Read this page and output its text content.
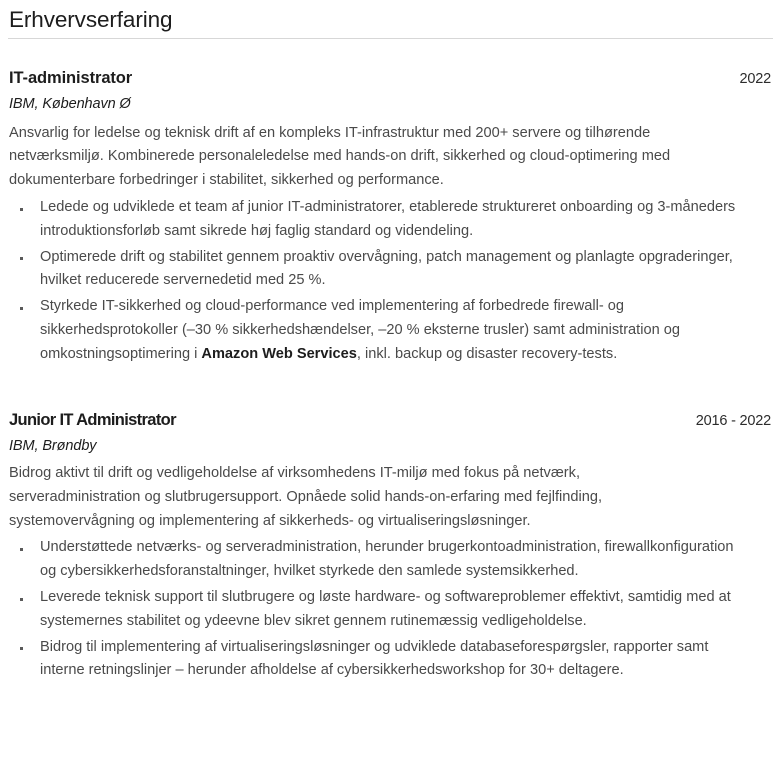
Erhvervserfaring
IT-administrator	2022
IBM, København Ø
Ansvarlig for ledelse og teknisk drift af en kompleks IT-infrastruktur med 200+ servere og tilhørende netværksmiljø. Kombinerede personaleledelse med hands-on drift, sikkerhed og cloud-optimering med dokumenterbare forbedringer i stabilitet, sikkerhed og performance.
Ledede og udviklede et team af junior IT-administratorer, etablerede struktureret onboarding og 3-måneders introduktionsforløb samt sikrede høj faglig standard og videndeling.
Optimerede drift og stabilitet gennem proaktiv overvågning, patch management og planlagte opgraderinger, hvilket reducerede servernedetid med 25 %.
Styrkede IT-sikkerhed og cloud-performance ved implementering af forbedrede firewall- og sikkerhedsprotokoller (–30 % sikkerhedshændelser, –20 % eksterne trusler) samt administration og omkostningsoptimering i Amazon Web Services, inkl. backup og disaster recovery-tests.
Junior IT Administrator	2016 - 2022
IBM, Brøndby
Bidrog aktivt til drift og vedligeholdelse af virksomhedens IT-miljø med fokus på netværk, serveradministration og slutbrugersupport. Opnåede solid hands-on-erfaring med fejlfinding, systemovervågning og implementering af sikkerheds- og virtualiseringsløsninger.
Understøttede netværks- og serveradministration, herunder brugerkontoadministration, firewallkonfiguration og cybersikkerhedsforanstaltninger, hvilket styrkede den samlede systemsikkerhed.
Leverede teknisk support til slutbrugere og løste hardware- og softwareproblemer effektivt, samtidig med at systemernes stabilitet og ydeevne blev sikret gennem rutinemæssig vedligeholdelse.
Bidrog til implementering af virtualiseringsløsninger og udviklede databaseforespørgsler, rapporter samt interne retningslinjer – herunder afholdelse af cybersikkerhedsworkshop for 30+ deltagere.
